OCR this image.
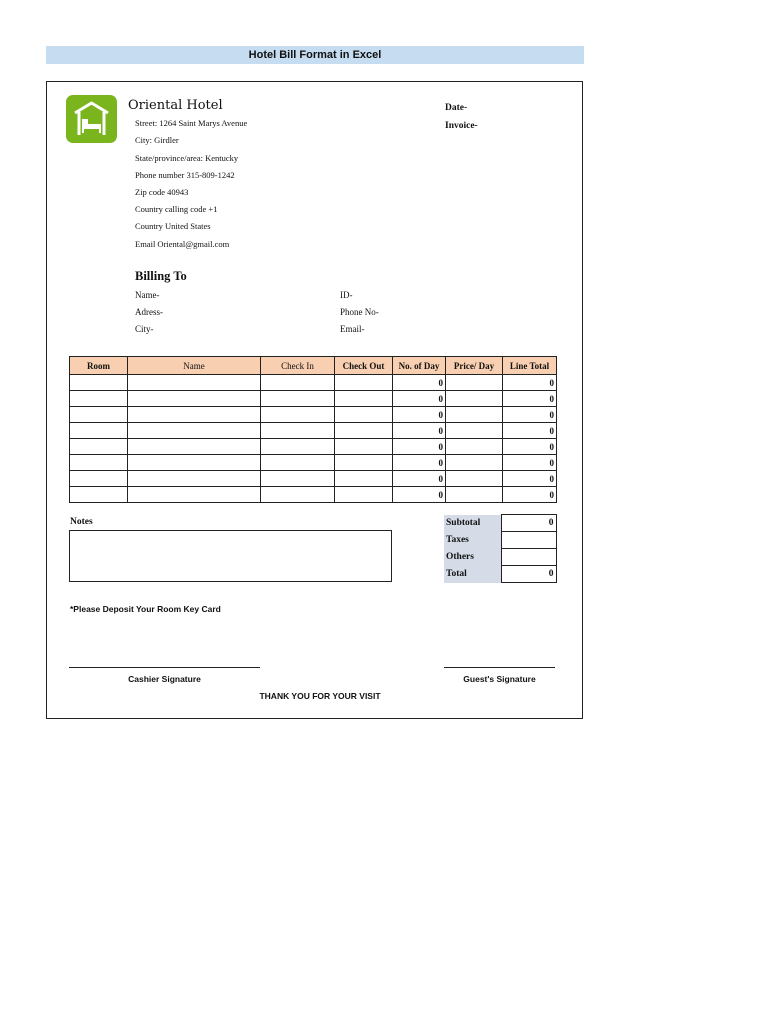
Hotel Bill Format in Excel
Oriental Hotel
Street: 1264 Saint Marys Avenue
City: Girdler
State/province/area: Kentucky
Phone number 315-809-1242
Zip code 40943
Country calling code +1
Country United States
Email Oriental@gmail.com
Date-
Invoice-
Billing To
Name-
Adress-
City-
ID-
Phone No-
Email-
Room	Name	Check In	Check Out	No. of Day	Price/ Day	Line Total
				0		0
				0		0
				0		0
				0		0
				0		0
				0		0
				0		0
				0		0
Notes	Subtotal	0
Taxes	
Others	
Total	0
*Please Deposit Your Room Key Card
Cashier Signature	Guest's Signature
THANK YOU FOR YOUR VISIT
